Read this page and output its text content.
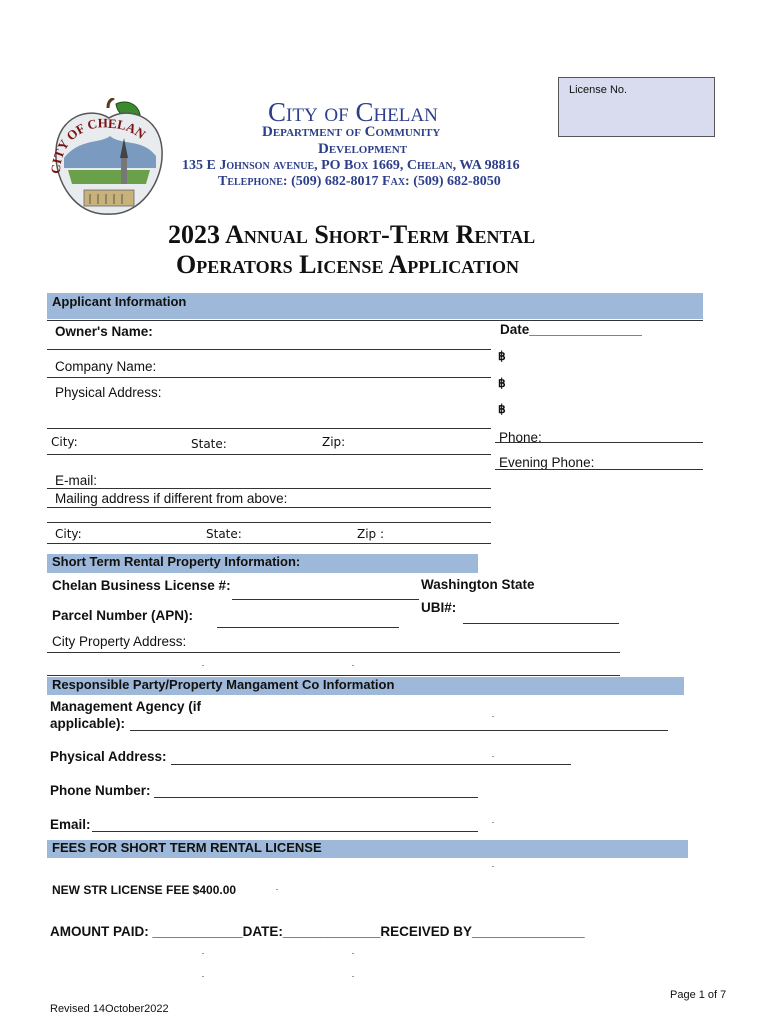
License No.
ITY OF CHELAN
City of Chelan
Department of Community
Development
135 E Johnson avenue, PO Box 1669, Chelan, WA 98816
Telephone: (509) 682-8017 Fax: (509) 682-8050
2023 Annual Short-Term Rental
Operators License Application
Applicant Information
Owner's Name:	Date_______________
฿
Company Name:
฿
Physical Address:
฿
City:	State:	Zip:	Phone:
Evening Phone:
E-mail:
Mailing address if different from above:
City:	State:	Zip :
Short Term Rental Property Information:
Chelan Business License #:	Washington State
UBI#:
Parcel Number (APN):
City Property Address:
Responsible Party/Property Mangament Co Information
Management Agency (if
applicable):
Physical Address:
Phone Number:
Email:
FEES FOR SHORT TERM RENTAL LICENSE
NEW STR LICENSE FEE $400.00
AMOUNT PAID: ____________DATE:_____________RECEIVED BY_______________
Page 1 of 7
Revised 14October2022
